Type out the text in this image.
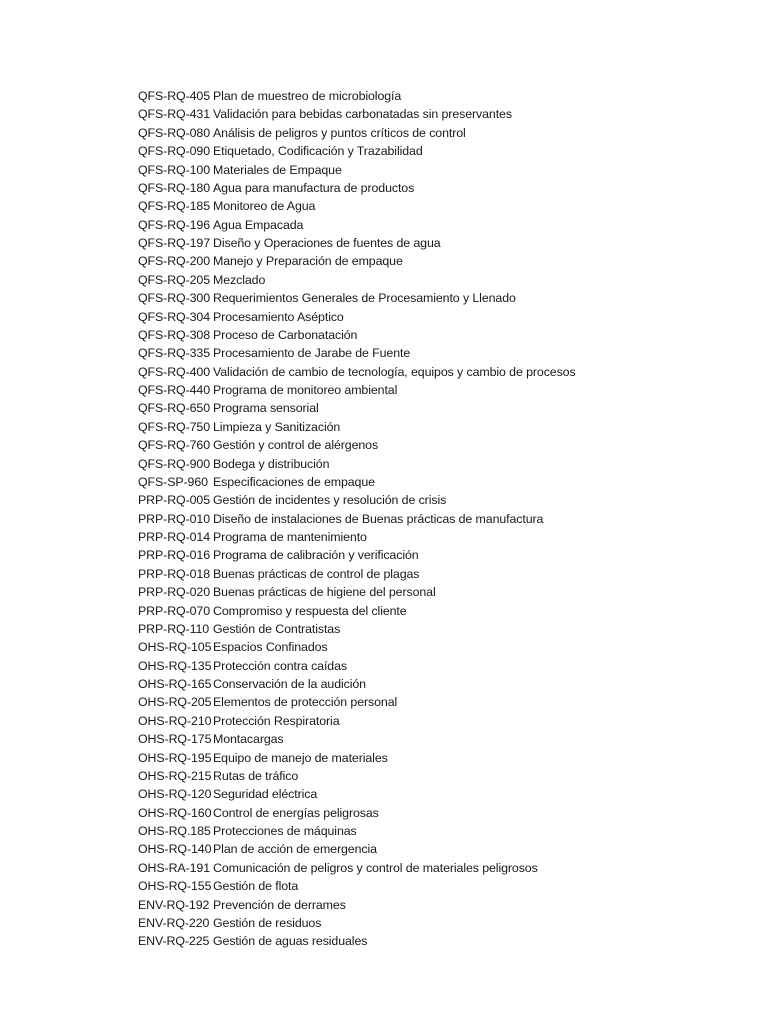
QFS-RQ-405 Plan de muestreo de microbiología
QFS-RQ-431 Validación para bebidas carbonatadas sin preservantes
QFS-RQ-080 Análisis de peligros y puntos críticos de control
QFS-RQ-090 Etiquetado, Codificación y Trazabilidad
QFS-RQ-100 Materiales de Empaque
QFS-RQ-180 Agua para manufactura de productos
QFS-RQ-185 Monitoreo de Agua
QFS-RQ-196 Agua Empacada
QFS-RQ-197 Diseño y Operaciones de fuentes de agua
QFS-RQ-200 Manejo y Preparación de empaque
QFS-RQ-205 Mezclado
QFS-RQ-300 Requerimientos Generales de Procesamiento y Llenado
QFS-RQ-304 Procesamiento Aséptico
QFS-RQ-308 Proceso de Carbonatación
QFS-RQ-335 Procesamiento de Jarabe de Fuente
QFS-RQ-400 Validación de cambio de tecnología, equipos y cambio de procesos
QFS-RQ-440 Programa de monitoreo ambiental
QFS-RQ-650 Programa sensorial
QFS-RQ-750 Limpieza y Sanitización
QFS-RQ-760 Gestión y control de alérgenos
QFS-RQ-900 Bodega y distribución
QFS-SP-960 Especificaciones de empaque
PRP-RQ-005 Gestión de incidentes y resolución de crisis
PRP-RQ-010 Diseño de instalaciones de Buenas prácticas de manufactura
PRP-RQ-014 Programa de mantenimiento
PRP-RQ-016 Programa de calibración y verificación
PRP-RQ-018 Buenas prácticas de control de plagas
PRP-RQ-020 Buenas prácticas de higiene del personal
PRP-RQ-070 Compromiso y respuesta del cliente
PRP-RQ-110 Gestión de Contratistas
OHS-RQ-105 Espacios Confinados
OHS-RQ-135 Protección contra caídas
OHS-RQ-165 Conservación de la audición
OHS-RQ-205 Elementos de protección personal
OHS-RQ-210 Protección Respiratoria
OHS-RQ-175 Montacargas
OHS-RQ-195 Equipo de manejo de materiales
OHS-RQ-215 Rutas de tráfico
OHS-RQ-120 Seguridad eléctrica
OHS-RQ-160 Control de energías peligrosas
OHS-RQ.185 Protecciones de máquinas
OHS-RQ-140 Plan de acción de emergencia
OHS-RA-191 Comunicación de peligros y control de materiales peligrosos
OHS-RQ-155 Gestión de flota
ENV-RQ-192 Prevención de derrames
ENV-RQ-220 Gestión de residuos
ENV-RQ-225 Gestión de aguas residuales
